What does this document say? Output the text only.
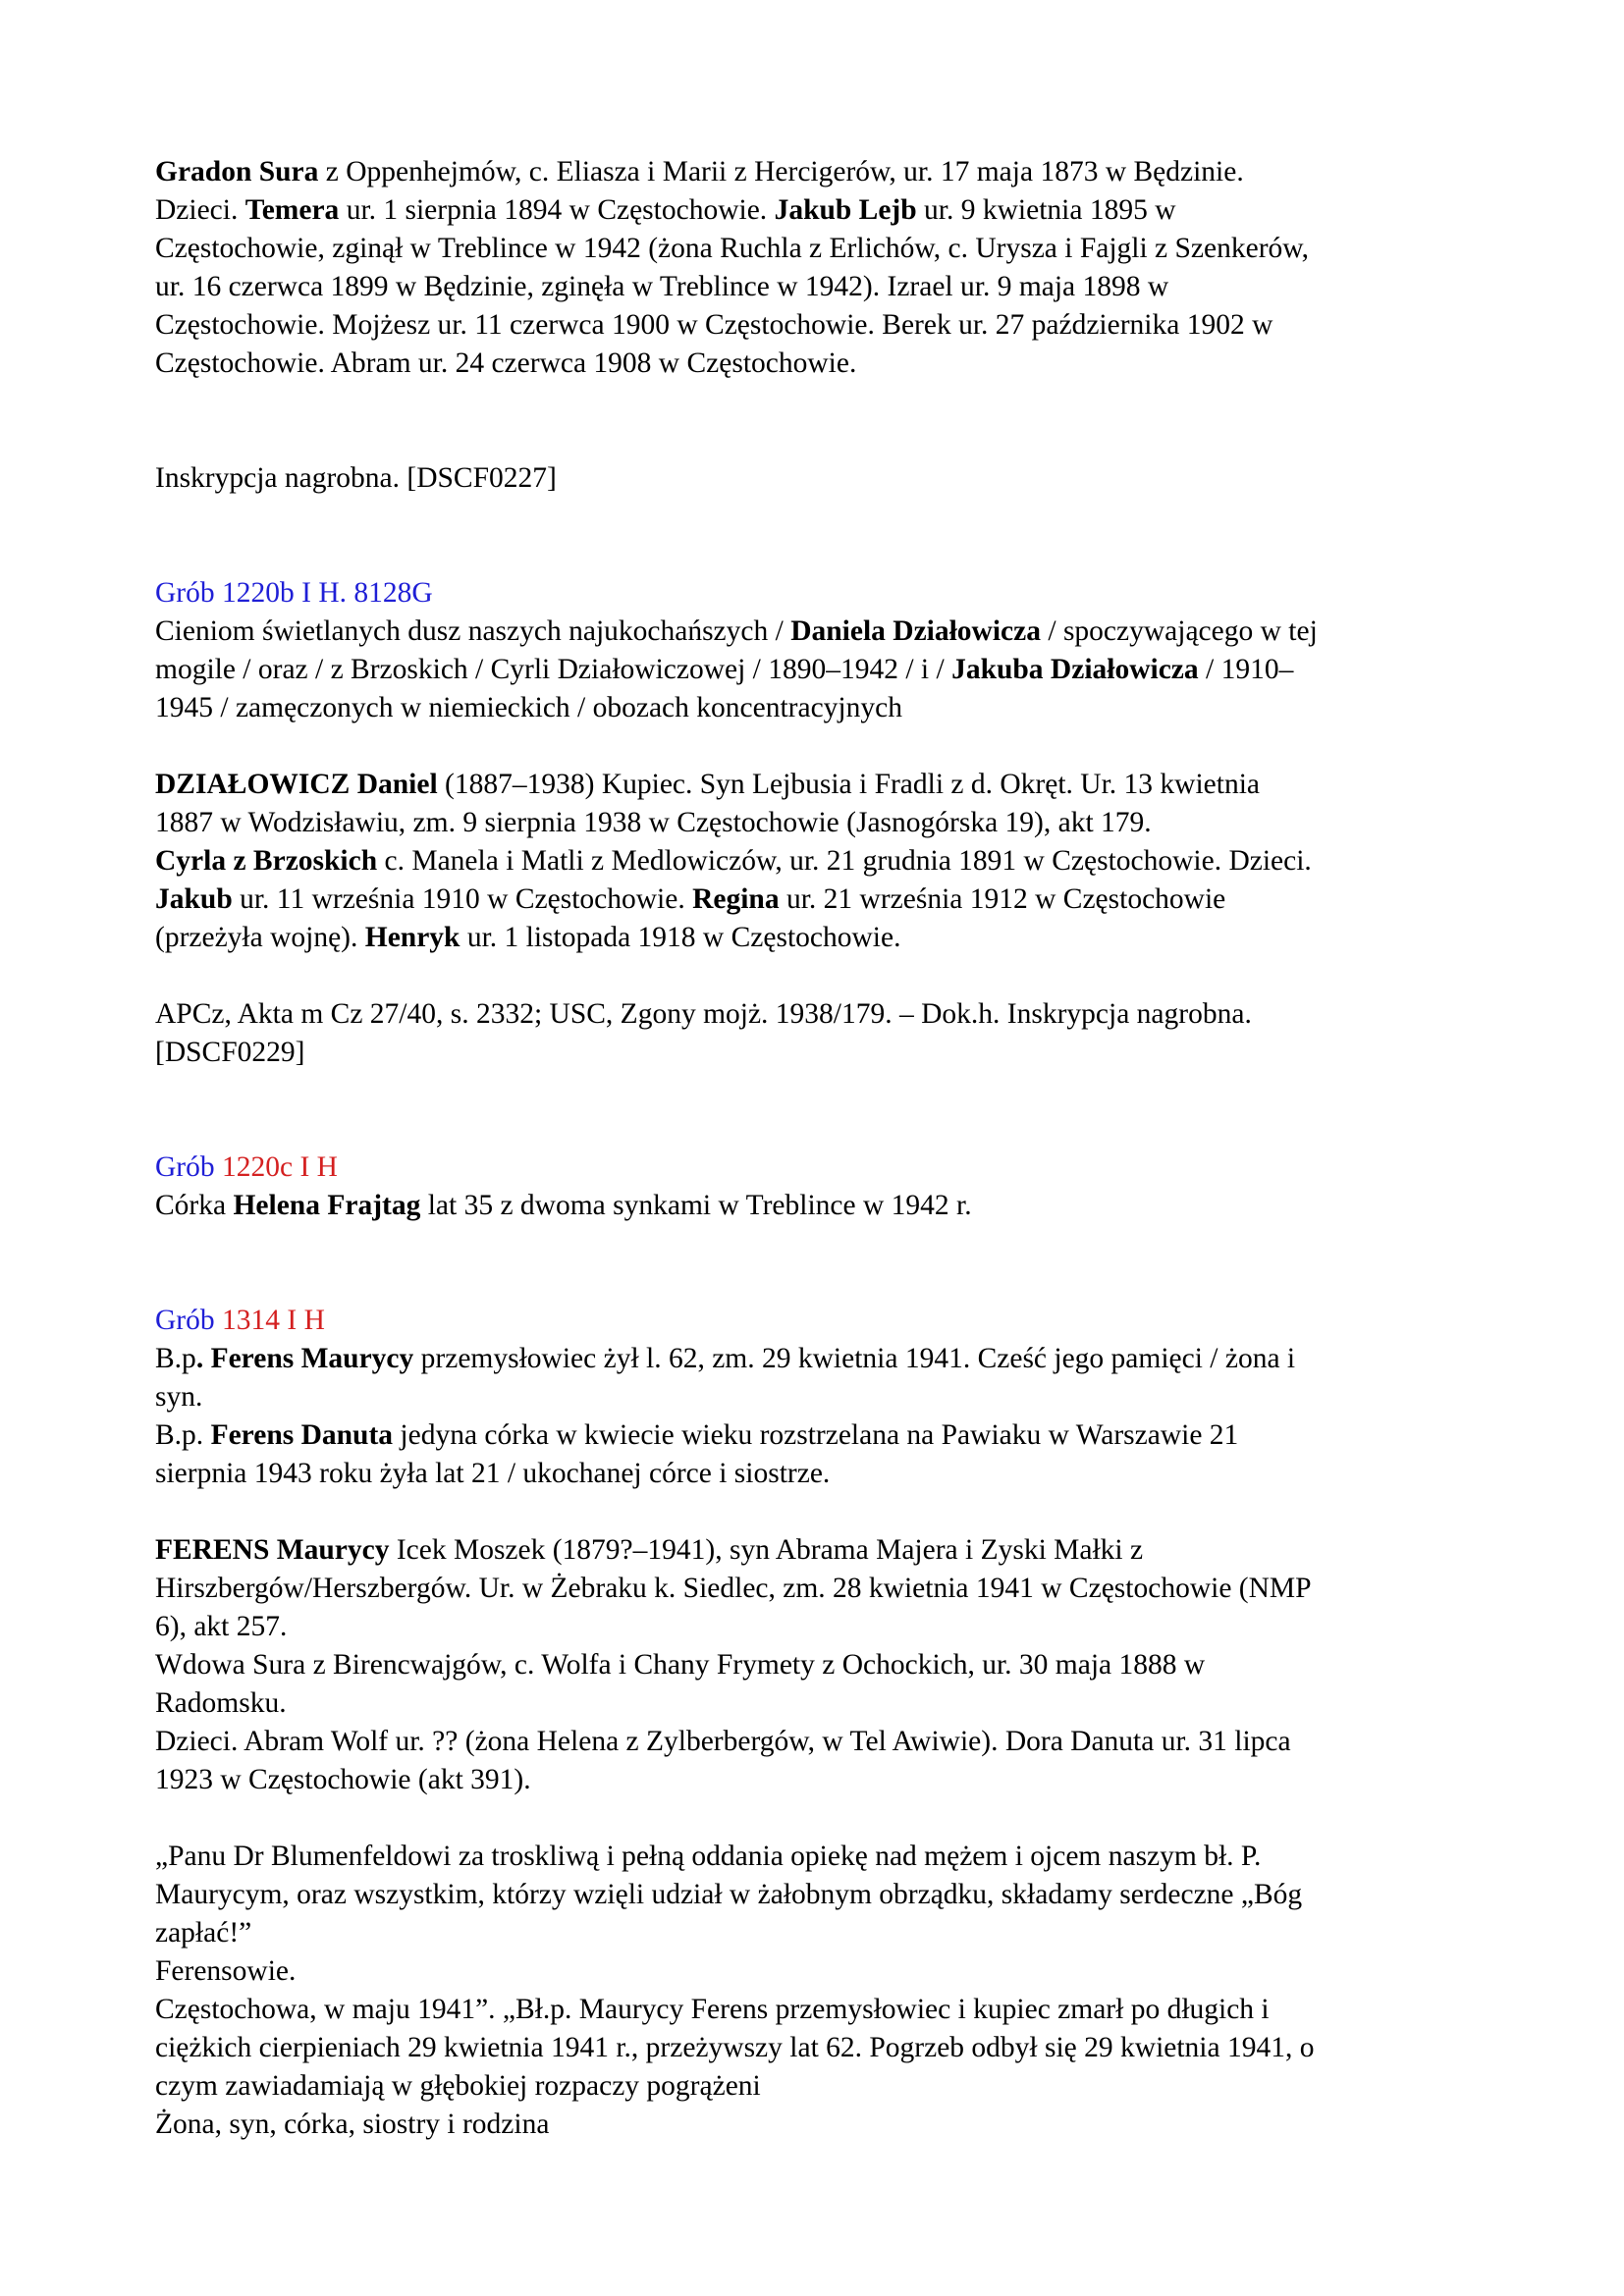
Gradon Sura z Oppenhejmów, c. Eliasza i Marii z Hercigerów, ur. 17 maja 1873 w Będzinie.
Dzieci. Temera ur. 1 sierpnia 1894 w Częstochowie. Jakub Lejb ur. 9 kwietnia 1895 w
Częstochowie, zginął w Treblince w 1942 (żona Ruchla z Erlichów, c. Urysza i Fajgli z Szenkerów,
ur. 16 czerwca 1899 w Będzinie, zginęła w Treblince w 1942). Izrael ur. 9 maja 1898 w
Częstochowie. Mojżesz ur. 11 czerwca 1900 w Częstochowie. Berek ur. 27 października 1902 w
Częstochowie. Abram ur. 24 czerwca 1908 w Częstochowie.
Inskrypcja nagrobna. [DSCF0227]
Grób 1220b I H. 8128G
Cieniom świetlanych dusz naszych najukochańszych / Daniela Działowicza / spoczywającego w tej
mogile / oraz / z Brzoskich / Cyrli Działowiczowej / 1890–1942 / i / Jakuba Działowicza / 1910–
1945 / zamęczonych w niemieckich / obozach koncentracyjnych
DZIAŁOWICZ Daniel (1887–1938) Kupiec. Syn Lejbusia i Fradli z d. Okręt. Ur. 13 kwietnia
1887 w Wodzisławiu, zm. 9 sierpnia 1938 w Częstochowie (Jasnogórska 19), akt 179.
Cyrla z Brzoskich c. Manela i Matli z Medlowiczów, ur. 21 grudnia 1891 w Częstochowie. Dzieci.
Jakub ur. 11 września 1910 w Częstochowie. Regina ur. 21 września 1912 w Częstochowie
(przeżyła wojnę). Henryk ur. 1 listopada 1918 w Częstochowie.
APCz, Akta m Cz 27/40, s. 2332; USC, Zgony mojż. 1938/179. – Dok.h. Inskrypcja nagrobna.
[DSCF0229]
Grób 1220c I H
Córka Helena Frajtag lat 35 z dwoma synkami w Treblince w 1942 r.
Grób 1314 I H
B.p. Ferens Maurycy przemysłowiec żył l. 62, zm. 29 kwietnia 1941. Cześć jego pamięci / żona i
syn.
B.p. Ferens Danuta jedyna córka w kwiecie wieku rozstrzelana na Pawiaku w Warszawie 21
sierpnia 1943 roku żyła lat 21 / ukochanej córce i siostrze.
FERENS Maurycy Icek Moszek (1879?–1941), syn Abrama Majera i Zyski Małki z
Hirszbergów/Herszbergów. Ur. w Żebraku k. Siedlec, zm. 28 kwietnia 1941 w Częstochowie (NMP
6), akt 257.
Wdowa Sura z Birencwajgów, c. Wolfa i Chany Frymety z Ochockich, ur. 30 maja 1888 w
Radomsku.
Dzieci. Abram Wolf ur. ?? (żona Helena z Zylberbergów, w Tel Awiwie). Dora Danuta ur. 31 lipca
1923 w Częstochowie (akt 391).
„Panu Dr Blumenfeldowi za troskliwą i pełną oddania opiekę nad mężem i ojcem naszym bł. P.
Maurycym, oraz wszystkim, którzy wzięli udział w żałobnym obrządku, składamy serdeczne „Bóg
zapłać!”
Ferensowie.
Częstochowa, w maju 1941”. „Bł.p. Maurycy Ferens przemysłowiec i kupiec zmarł po długich i
ciężkich cierpieniach 29 kwietnia 1941 r., przeżywszy lat 62. Pogrzeb odbył się 29 kwietnia 1941, o
czym zawiadamiają w głębokiej rozpaczy pogrążeni
Żona, syn, córka, siostry i rodzina
